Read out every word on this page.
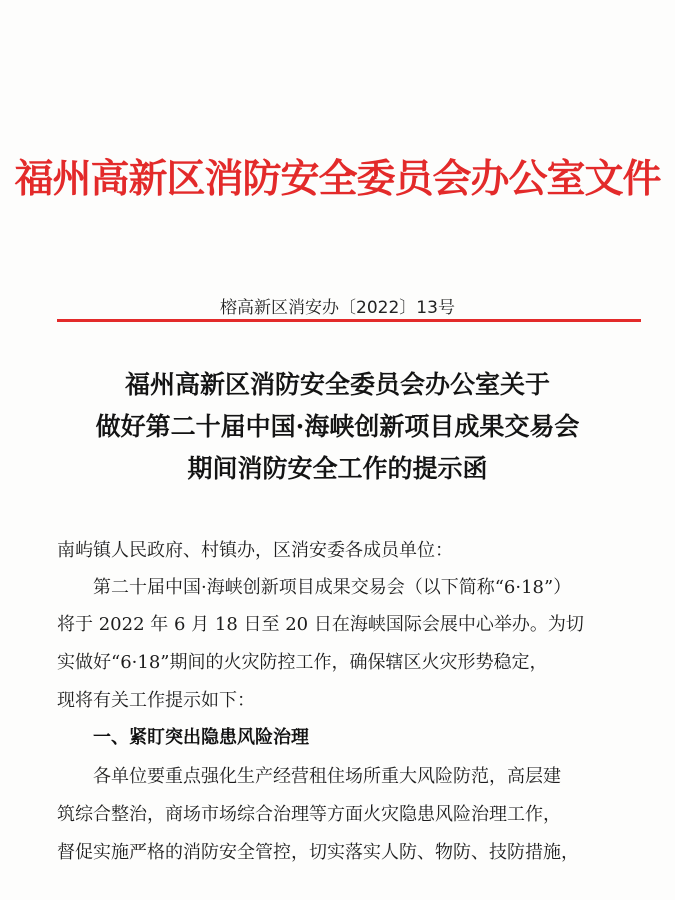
福州高新区消防安全委员会办公室文件
榕高新区消安办〔2022〕13号
福州高新区消防安全委员会办公室关于
做好第二十届中国·海峡创新项目成果交易会
期间消防安全工作的提示函
南屿镇人民政府、村镇办，区消安委各成员单位：
第二十届中国·海峡创新项目成果交易会（以下简称“6·18”）
将于 2022 年 6 月 18 日至 20 日在海峡国际会展中心举办。为切
实做好“6·18”期间的火灾防控工作，确保辖区火灾形势稳定，
现将有关工作提示如下：
一、紧盯突出隐患风险治理
各单位要重点强化生产经营租住场所重大风险防范，高层建
筑综合整治，商场市场综合治理等方面火灾隐患风险治理工作，
督促实施严格的消防安全管控，切实落实人防、物防、技防措施，
